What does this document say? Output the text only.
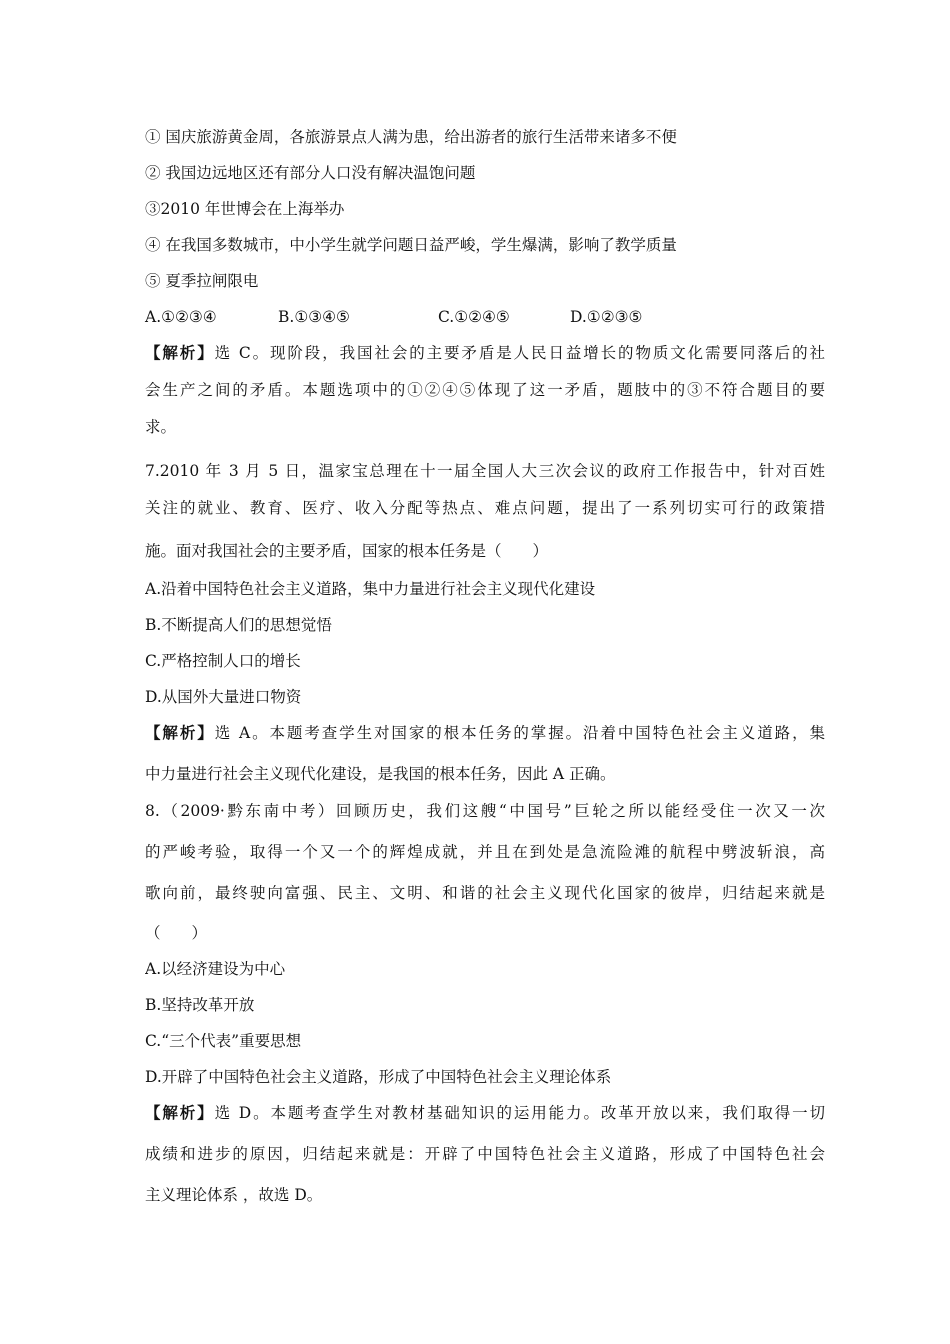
① 国庆旅游黄金周，各旅游景点人满为患，给出游者的旅行生活带来诸多不便
② 我国边远地区还有部分人口没有解决温饱问题
③2010 年世博会在上海举办
④ 在我国多数城市，中小学生就学问题日益严峻，学生爆满，影响了教学质量
⑤ 夏季拉闸限电
A.①②③④	B.①③④⑤	C.①②④⑤	D.①②③⑤
【解析】选 C。现阶段，我国社会的主要矛盾是人民日益增长的物质文化需要同落后的社
会生产之间的矛盾。本题选项中的①②④⑤体现了这一矛盾，题肢中的③不符合题目的要
求。
7.2010 年 3 月 5 日，温家宝总理在十一届全国人大三次会议的政府工作报告中，针对百姓
关注的就业、教育、医疗、收入分配等热点、难点问题，提出了一系列切实可行的政策措
施。面对我国社会的主要矛盾，国家的根本任务是（　　）
A.沿着中国特色社会主义道路，集中力量进行社会主义现代化建设
B.不断提高人们的思想觉悟
C.严格控制人口的增长
D.从国外大量进口物资
【解析】选 A。本题考查学生对国家的根本任务的掌握。沿着中国特色社会主义道路，集
中力量进行社会主义现代化建设，是我国的根本任务，因此 A 正确。
8.（2009·黔东南中考）回顾历史，我们这艘“中国号”巨轮之所以能经受住一次又一次
的严峻考验，取得一个又一个的辉煌成就，并且在到处是急流险滩的航程中劈波斩浪，高
歌向前，最终驶向富强、民主、文明、和谐的社会主义现代化国家的彼岸，归结起来就是
（　　）
A.以经济建设为中心
B.坚持改革开放
C.“三个代表”重要思想
D.开辟了中国特色社会主义道路，形成了中国特色社会主义理论体系
【解析】选 D。本题考查学生对教材基础知识的运用能力。改革开放以来，我们取得一切
成绩和进步的原因，归结起来就是：开辟了中国特色社会主义道路，形成了中国特色社会
主义理论体系 ，故选 D。
